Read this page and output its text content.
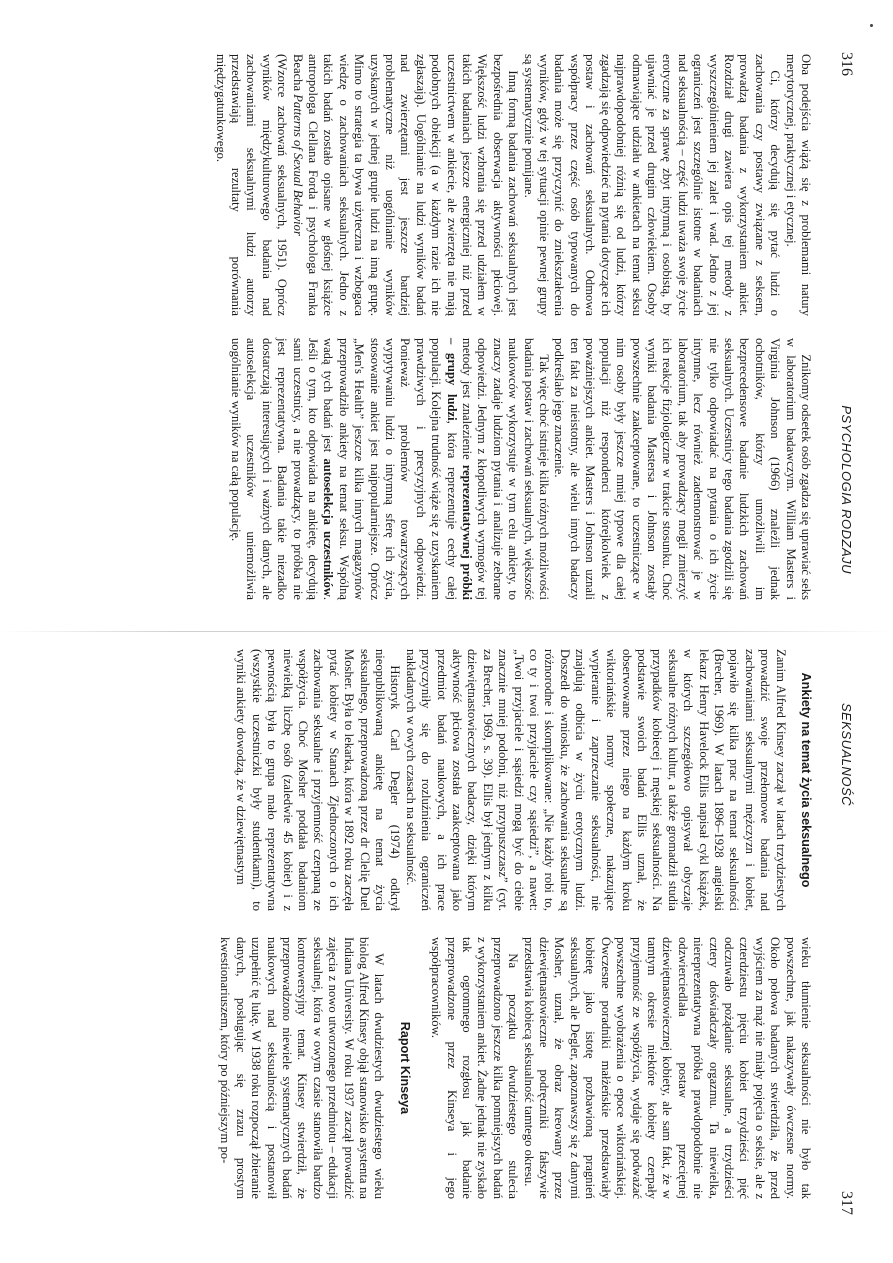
316
PSYCHOLOGIA RODZAJU

Oba podejścia wiążą się z problemami natury merytorycznej, praktycznej i etycznej.

Ci, którzy decydują się pytać ludzi o zachowania czy postawy związane z seksem, prowadzą badania z wykorzystaniem ankiet. Rozdział drugi zawiera opis tej metody z wyszczególnieniem jej zalet i wad. Jedno z jej ograniczeń jest szczególnie istotne w badaniach nad seksualnością – część ludzi uważa swoje życie erotyczne za sprawę zbyt intymną i osobistą, by ujawniać je przed drugim człowiekiem. Osoby odmawiające udziału w ankietach na temat seksu najprawdopodobniej różnią się od ludzi, którzy zgadzają się odpowiedzieć na pytania dotyczące ich postaw i zachowań seksualnych. Odmowa współpracy przez część osób typowanych do badania może się przyczynić do zniekształcenia wyników, gdyż w tej sytuacji opinie pewnej grupy są systematycznie pomijane.

Inną formą badania zachowań seksualnych jest bezpośrednia obserwacja aktywności płciowej. Większość ludzi wzbrania się przed udziałem w takich badaniach jeszcze energiczniej niż przed uczestnictwem w ankiecie, ale zwierzęta nie mają podobnych obiekcji (a w każdym razie ich nie zgłaszają). Uogólnianie na ludzi wyników badań nad zwierzętami jest jeszcze bardziej problematyczne niż uogólnianie wyników uzyskanych w jednej grupie ludzi na inną grupę. Mimo to strategia ta bywa użyteczna i wzbogaca wiedzę o zachowaniach seksualnych. Jedno z takich badań zostało opisane w głośnej książce antropologa Clellana Forda i psychologa Franka Beacha Patterns of Sexual Behavior

(Wzorce zachowań seksualnych, 1951). Oprócz wyników międzykulturowego badania nad zachowaniami seksualnymi ludzi autorzy przedstawiają rezultaty porównania międzygatunkowego.

Znikomy odsetek osób zgadza się uprawiać seks w laboratorium badawczym. William Masters i Virginia Johnson (1966) znaleźli jednak ochotników, którzy umożliwili im bezprecedensowe badanie ludzkich zachowań seksualnych. Uczestnicy tego badania zgodzili się nie tylko odpowiadać na pytania o ich życie intymne, lecz również zademonstrować je w laboratorium, tak aby prowadzący mogli zmierzyć ich reakcje fizjologiczne w trakcie stosunku. Choć wyniki badania Mastersa i Johnson zostały powszechnie zaakceptowane, to uczestniczące w nim osoby były jeszcze mniej typowe dla całej populacji niż respondenci którejkolwiek z poważniejszych ankiet. Masters i Johnson uznali ten fakt za nieistotny, ale wielu innych badaczy podkreślało jego znaczenie.

Tak więc choć istnieje kilka różnych możliwości badania postaw i zachowań seksualnych, większość naukowców wykorzystuje w tym celu ankiety, to znaczy zadaje ludziom pytania i analizuje zebrane odpowiedzi. Jednym z kłopotliwych wymogów tej metody jest znalezienie reprezentatywnej próbki – grupy ludzi, która reprezentuje cechy całej populacji. Kolejna trudność wiąże się z uzyskaniem prawdziwych i precyzyjnych odpowiedzi. Ponieważ problemów towarzyszących wypytywaniu ludzi o intymną sferę ich życia, stosowanie ankiet jest najpopularniejsze. Oprócz „Men's Health” jeszcze kilka innych magazynów przeprowadziło ankiety na temat seksu. Wspólną wadą tych badań jest autoselekcja uczestników. Jeśli o tym, kto odpowiada na ankietę, decydują sami uczestnicy, a nie prowadzący, to próbka nie jest reprezentatywna. Badania takie niezadko dostarczają interesujących i ważnych danych, ale autoselekcja uczestników uniemożliwia uogólnianie wyników na całą populację.

SEKSUALNOŚĆ
317
Ankiety na temat życia seksualnego

Zanim Alfred Kinsey zaczął w latach trzydziestych prowadzić swoje przełomowe badania nad zachowaniami seksualnymi mężczyzn i kobiet, pojawiło się kilka prac na temat seksualności (Brecher, 1969). W latach 1896–1928 angielski lekarz Henry Havelock Ellis napisał cykl książek, w których szczegółowo opisywał obyczaje seksualne różnych kultur, a także gromadził studia przypadków kobiecej i męskiej seksualności. Na podstawie swoich badań Ellis uznał, że obserwowane przez niego na każdym kroku wiktoriańskie normy społeczne, nakazujące wypieranie i zaprzeczanie seksualności, nie znajdują odbicia w życiu erotycznym ludzi. Doszedł do wniosku, że zachowania seksualne są różnorodne i skomplikowane: „Nie każdy robi to, co ty i twoi przyjaciele czy sąsiedzi”, a nawet: „Twoi przyjaciele i sąsiedzi mogą być do ciebie znacznie mniej podobni, niż przypuszczasz” (cyt. za Brecher, 1969, s. 39). Ellis był jednym z kilku dziewiętnastowiecznych badaczy, dzięki którym aktywność płciowa została zaakceptowana jako przedmiot badań naukowych, a ich prace przyczyniły się do rozluźnienia ograniczeń nakładanych w owych czasach na seksualność.

Historyk Carl Degler (1974) odkrył nieopublikowaną ankietę na temat życia seksualnego, przeprowadzoną przez dr Clelię Duel Mosher. Była to lekarka, która w 1892 roku zaczęła pytać kobiety w Stanach Zjednoczonych o ich zachowania seksualne i przyjemność czerpaną ze współżycia. Choć Mosher poddała badaniom niewielką liczbę osób (zaledwie 45 kobiet) i z pewnością była to grupa mało reprezentatywna (wszystkie uczestniczki były studentkami), to wyniki ankiety dowodzą, że w dziewiętnastym

wieku tłumienie seksualności nie było tak powszechne, jak nakazywały ówczesne normy. Około połowa badanych stwierdziła, że przed wyjściem za mąż nie miały pojęcia o seksie, ale z czterdziestu pięciu kobiet trzydzieści pięć odczuwało pożądanie seksualne, a trzydzieści cztery doświadczały orgazmu. Ta niewielka, niereprezentatywna próbka prawdopodobnie nie odzwierciedlała postaw przeciętnej dziewiętnastowiecznej kobiety, ale sam fakt, że w tamtym okresie niektóre kobiety czerpały przyjemność ze współżycia, wydaje się podważać powszechne wyobrażenia o epoce wiktoriańskiej. Ówczesne poradniki małżeńskie przedstawiały kobietę jako istotę pozbawioną pragnień seksualnych, ale Degler, zapoznawszy się z danymi Mosher, uznał, że obraz kreowany przez dziewiętnastowieczne podręczniki fałszywie przedstawia kobiecą seksualność tamtego okresu.

Na początku dwudziestego stulecia przeprowadzono jeszcze kilka pomniejszych badań z wykorzystaniem ankiet. Żadne jednak nie zyskało tak ogromnego rozgłosu jak badanie przeprowadzone przez Kinseya i jego współpracowników.

Raport Kinseya

W latach dwudziestych dwudziestego wieku biolog Alfred Kinsey objął stanowisko asystenta na Indiana University. W roku 1937 zaczął prowadzić zajęcia z nowo utworzonego przedmiotu – edukacji seksualnej, która w owym czasie stanowiła bardzo kontrowersyjny temat. Kinsey stwierdził, że przeprowadzono niewiele systematycznych badań naukowych nad seksualnością i postanowił uzupełnić tę lukę. W 1938 roku rozpoczął zbieranie danych, posługując się zrazu prostym kwestionariuszem, który po późniejszym po-
